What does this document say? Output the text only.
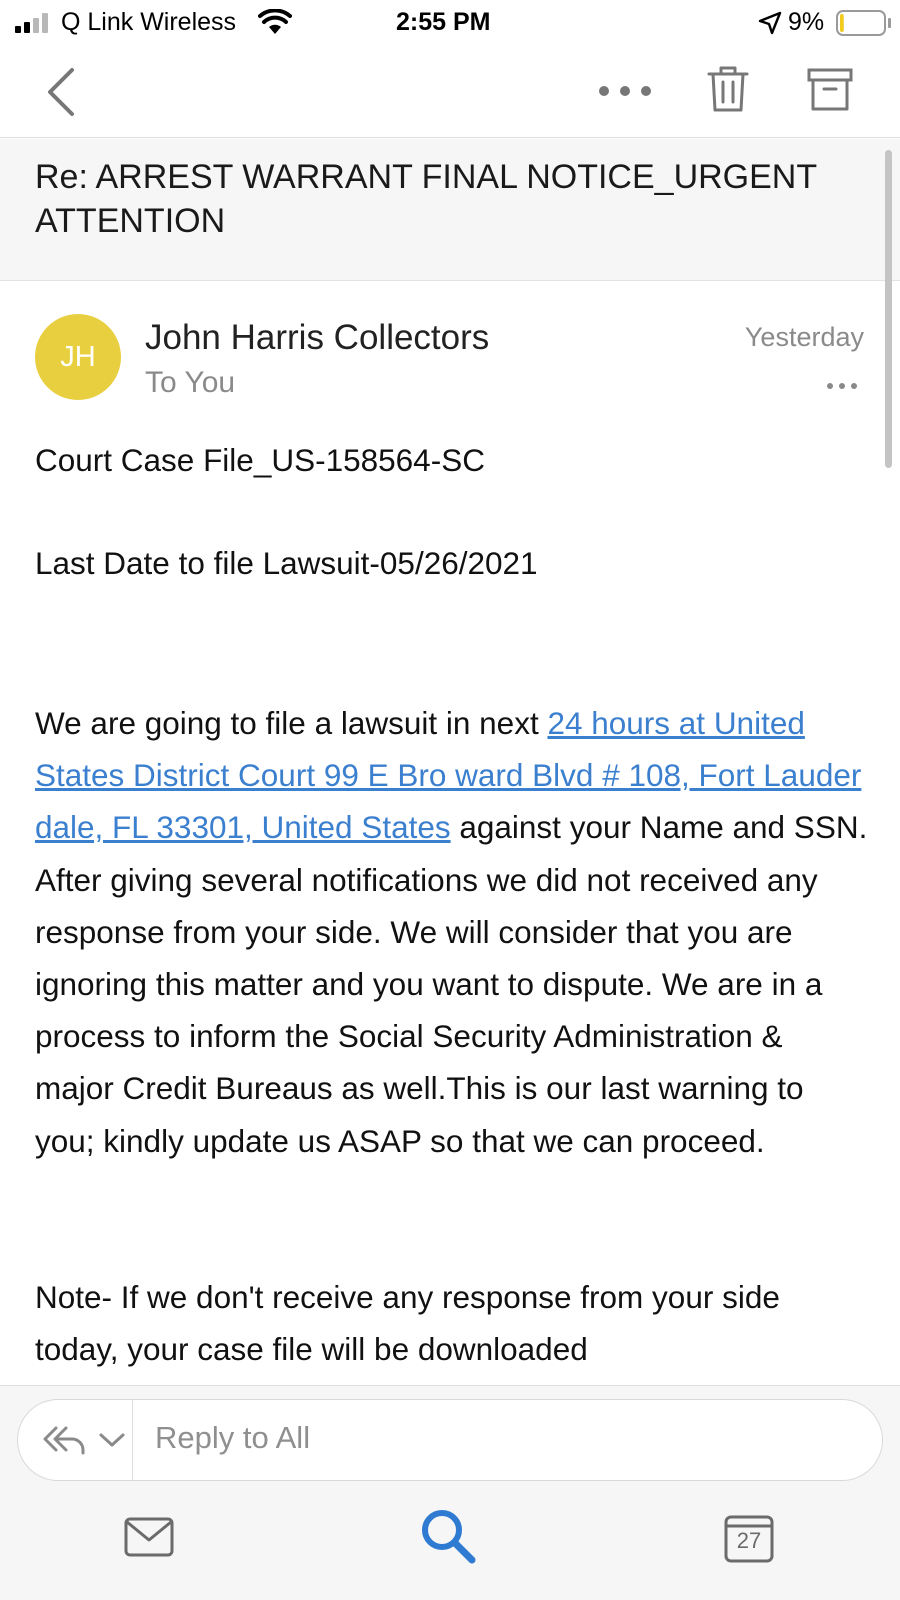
Q Link Wireless	2:55 PM	9%
Re: ARREST WARRANT FINAL NOTICE_URGENT ATTENTION
JH	John Harris Collectors
To You
Yesterday
Court Case File_US-158564-SC
Last Date to file Lawsuit-05/26/2021
We are going to file a lawsuit in next 24 hours at United States District Court 99 E Bro ward Blvd # 108, Fort Lauder dale, FL 33301, United States against your Name and SSN. After giving several notifications we did not received any response from your side. We will consider that you are ignoring this matter and you want to dispute. We are in a process to inform the Social Security Administration & major Credit Bureaus as well.This is our last warning to you; kindly update us ASAP so that we can proceed.
Note- If we don't receive any response from your side today, your case file will be downloaded
Reply to All
27
